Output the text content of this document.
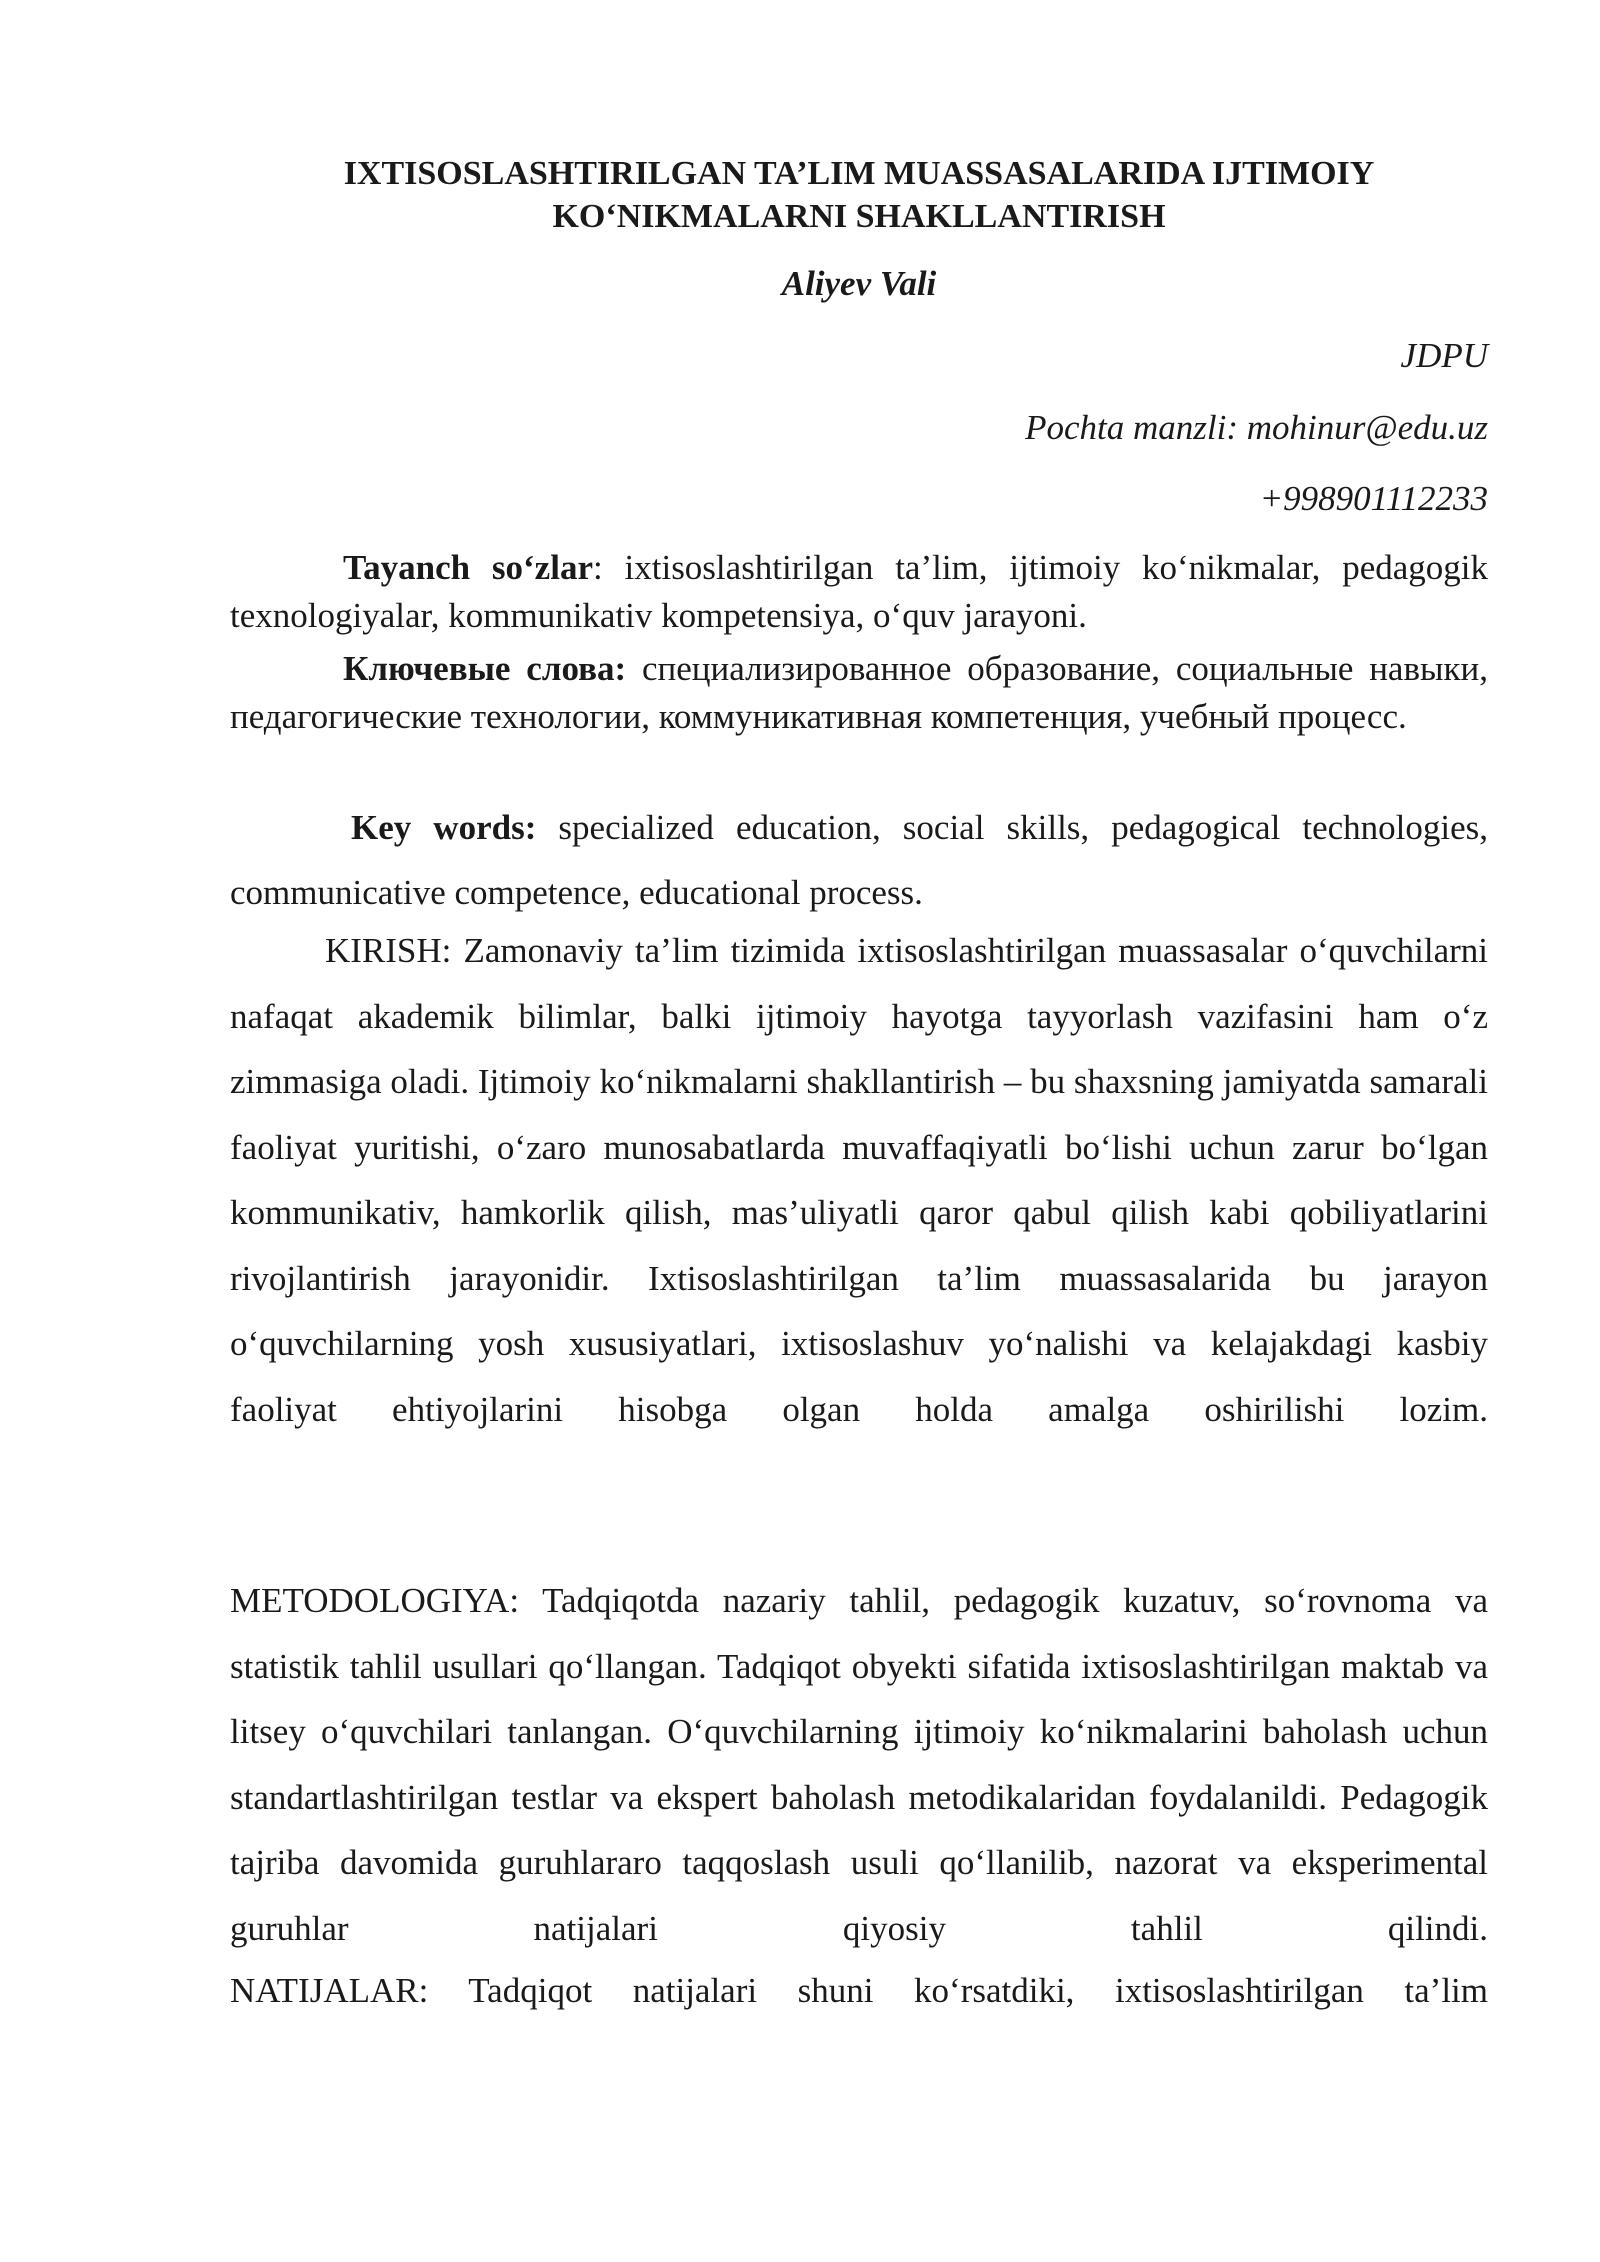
IXTISOSLASHTIRILGAN TA’LIM MUASSASALARIDA IJTIMOIY
KO‘NIKMALARNI SHAKLLANTIRISH
Aliyev Vali
JDPU
Pochta manzli: mohinur@edu.uz
+998901112233
Tayanch so‘zlar: ixtisoslashtirilgan ta’lim, ijtimoiy ko‘nikmalar, pedagogik texnologiyalar, kommunikativ kompetensiya, o‘quv jarayoni.
Ключевые слова: специализированное образование, социальные навыки, педагогические технологии, коммуникативная компетенция, учебный процесс.
Key words: specialized education, social skills, pedagogical technologies, communicative competence, educational process.
KIRISH: Zamonaviy ta’lim tizimida ixtisoslashtirilgan muassasalar o‘quvchilarni nafaqat akademik bilimlar, balki ijtimoiy hayotga tayyorlash vazifasini ham o‘z zimmasiga oladi. Ijtimoiy ko‘nikmalarni shakllantirish – bu shaxsning jamiyatda samarali faoliyat yuritishi, o‘zaro munosabatlarda muvaffaqiyatli bo‘lishi uchun zarur bo‘lgan kommunikativ, hamkorlik qilish, mas’uliyatli qaror qabul qilish kabi qobiliyatlarini rivojlantirish jarayonidir. Ixtisoslashtirilgan ta’lim muassasalarida bu jarayon o‘quvchilarning yosh xususiyatlari, ixtisoslashuv yo‘nalishi va kelajakdagi kasbiy faoliyat ehtiyojlarini hisobga olgan holda amalga oshirilishi lozim.
METODOLOGIYA: Tadqiqotda nazariy tahlil, pedagogik kuzatuv, so‘rovnoma va statistik tahlil usullari qo‘llangan. Tadqiqot obyekti sifatida ixtisoslashtirilgan maktab va litsey o‘quvchilari tanlangan. O‘quvchilarning ijtimoiy ko‘nikmalarini baholash uchun standartlashtirilgan testlar va ekspert baholash metodikalaridan foydalanildi. Pedagogik tajriba davomida guruhlararo taqqoslash usuli qo‘llanilib, nazorat va eksperimental guruhlar natijalari qiyosiy tahlil qilindi.
NATIJALAR: Tadqiqot natijalari shuni ko‘rsatdiki, ixtisoslashtirilgan ta’lim
